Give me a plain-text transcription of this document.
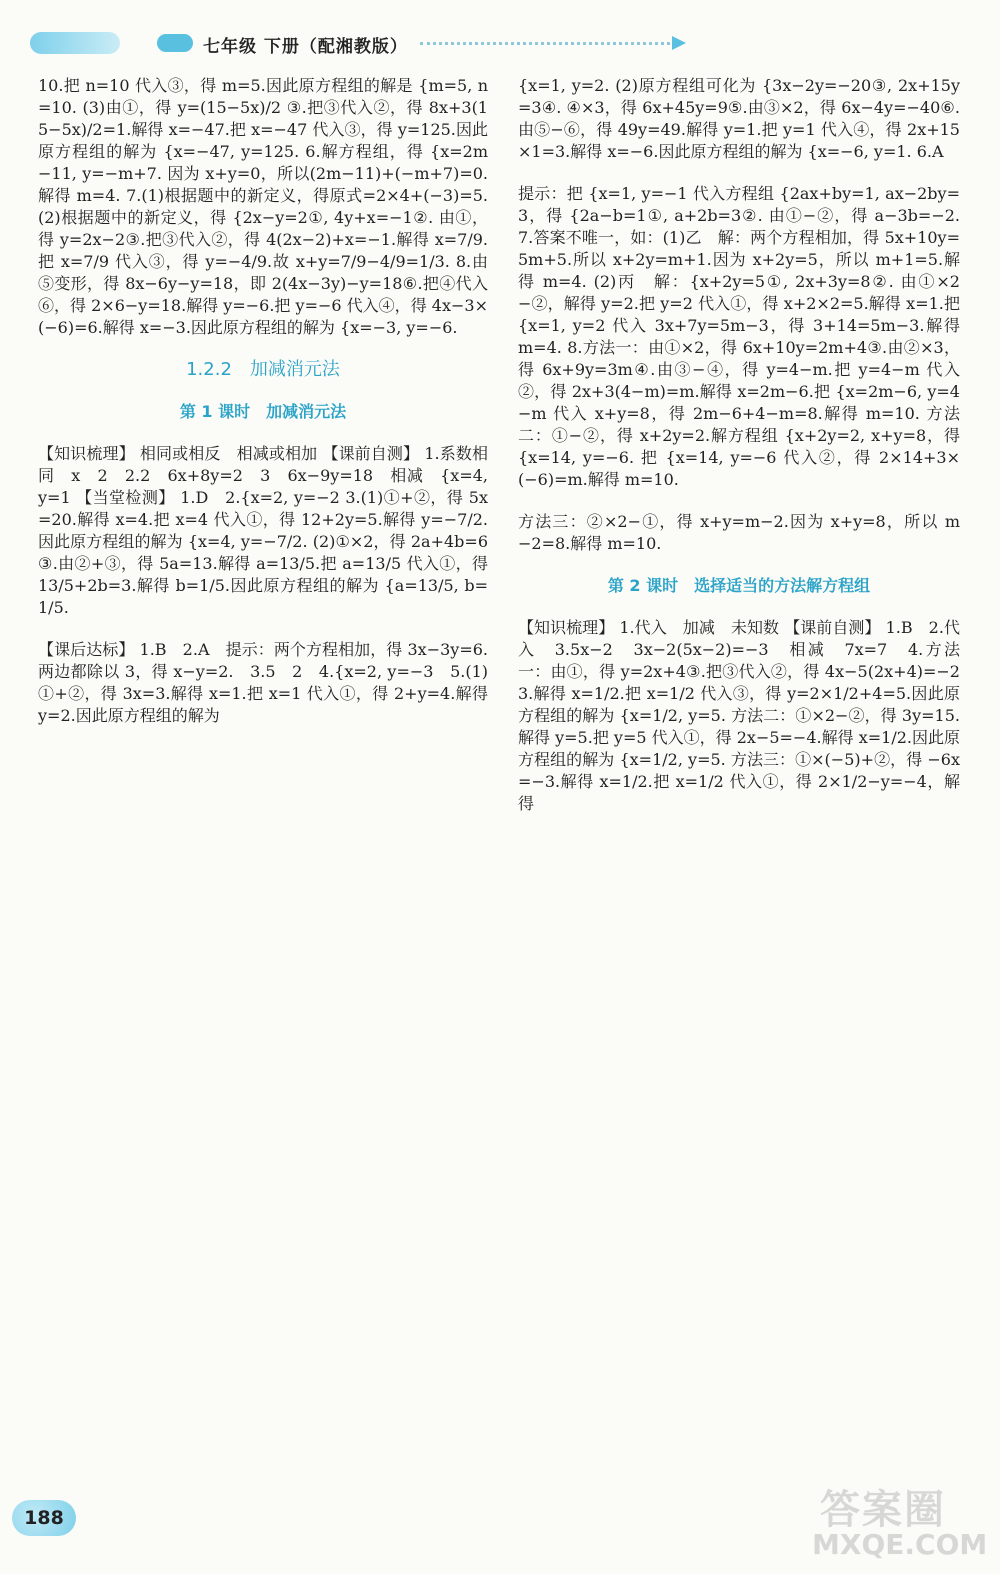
七年级 下册（配湘教版）
10.把 n=10 代入③，得 m=5.因此原方程组的解是 {m=5, n=10. (3)由①，得 y=(15−5x)/2 ③.把③代入②，得 8x+3(15−5x)/2=1.解得 x=−47.把 x=−47 代入③，得 y=125.因此原方程组的解为 {x=−47, y=125. 6.解方程组，得 {x=2m−11, y=−m+7. 因为 x+y=0，所以(2m−11)+(−m+7)=0.解得 m=4. 7.(1)根据题中的新定义，得原式=2×4+(−3)=5. (2)根据题中的新定义，得 {2x−y=2①, 4y+x=−1②. 由①，得 y=2x−2③.把③代入②，得 4(2x−2)+x=−1.解得 x=7/9.把 x=7/9 代入③，得 y=−4/9.故 x+y=7/9−4/9=1/3. 8.由⑤变形，得 8x−6y−y=18，即 2(4x−3y)−y=18⑥.把④代入⑥，得 2×6−y=18.解得 y=−6.把 y=−6 代入④，得 4x−3×(−6)=6.解得 x=−3.因此原方程组的解为 {x=−3, y=−6.
1.2.2　加减消元法
第 1 课时　加减消元法
【知识梳理】 相同或相反　相减或相加 【课前自测】 1.系数相同　x　2　2.2　6x+8y=2　3　6x−9y=18　相减　{x=4, y=1 【当堂检测】 1.D　2.{x=2, y=−2 3.(1)①+②，得 5x=20.解得 x=4.把 x=4 代入①，得 12+2y=5.解得 y=−7/2.因此原方程组的解为 {x=4, y=−7/2. (2)①×2，得 2a+4b=6③.由②+③，得 5a=13.解得 a=13/5.把 a=13/5 代入①，得 13/5+2b=3.解得 b=1/5.因此原方程组的解为 {a=13/5, b=1/5.
【课后达标】 1.B　2.A　提示：两个方程相加，得 3x−3y=6.两边都除以 3，得 x−y=2.　3.5　2　4.{x=2, y=−3　5.(1)①+②，得 3x=3.解得 x=1.把 x=1 代入①，得 2+y=4.解得 y=2.因此原方程组的解为
{x=1, y=2. (2)原方程组可化为 {3x−2y=−20③, 2x+15y=3④. ④×3，得 6x+45y=9⑤.由③×2，得 6x−4y=−40⑥.由⑤−⑥，得 49y=49.解得 y=1.把 y=1 代入④，得 2x+15×1=3.解得 x=−6.因此原方程组的解为 {x=−6, y=1. 6.A
提示：把 {x=1, y=−1 代入方程组 {2ax+by=1, ax−2by=3，得 {2a−b=1①, a+2b=3②. 由①−②，得 a−3b=−2. 7.答案不唯一，如：(1)乙　解：两个方程相加，得 5x+10y=5m+5.所以 x+2y=m+1.因为 x+2y=5，所以 m+1=5.解得 m=4. (2)丙　解：{x+2y=5①, 2x+3y=8②. 由①×2−②，解得 y=2.把 y=2 代入①，得 x+2×2=5.解得 x=1.把 {x=1, y=2 代入 3x+7y=5m−3，得 3+14=5m−3.解得 m=4. 8.方法一：由①×2，得 6x+10y=2m+4③.由②×3，得 6x+9y=3m④.由③−④，得 y=4−m.把 y=4−m 代入②，得 2x+3(4−m)=m.解得 x=2m−6.把 {x=2m−6, y=4−m 代入 x+y=8，得 2m−6+4−m=8.解得 m=10. 方法二：①−②，得 x+2y=2.解方程组 {x+2y=2, x+y=8，得 {x=14, y=−6. 把 {x=14, y=−6 代入②，得 2×14+3×(−6)=m.解得 m=10.
方法三：②×2−①，得 x+y=m−2.因为 x+y=8，所以 m−2=8.解得 m=10.
第 2 课时　选择适当的方法解方程组
【知识梳理】 1.代入　加减　未知数 【课前自测】 1.B　2.代入　3.5x−2　3x−2(5x−2)=−3　相减　7x=7　4.方法一：由①，得 y=2x+4③.把③代入②，得 4x−5(2x+4)=−23.解得 x=1/2.把 x=1/2 代入③，得 y=2×1/2+4=5.因此原方程组的解为 {x=1/2, y=5. 方法二：①×2−②，得 3y=15.解得 y=5.把 y=5 代入①，得 2x−5=−4.解得 x=1/2.因此原方程组的解为 {x=1/2, y=5. 方法三：①×(−5)+②，得 −6x=−3.解得 x=1/2.把 x=1/2 代入①，得 2×1/2−y=−4，解得
188	答案圈
MXQE.COM
